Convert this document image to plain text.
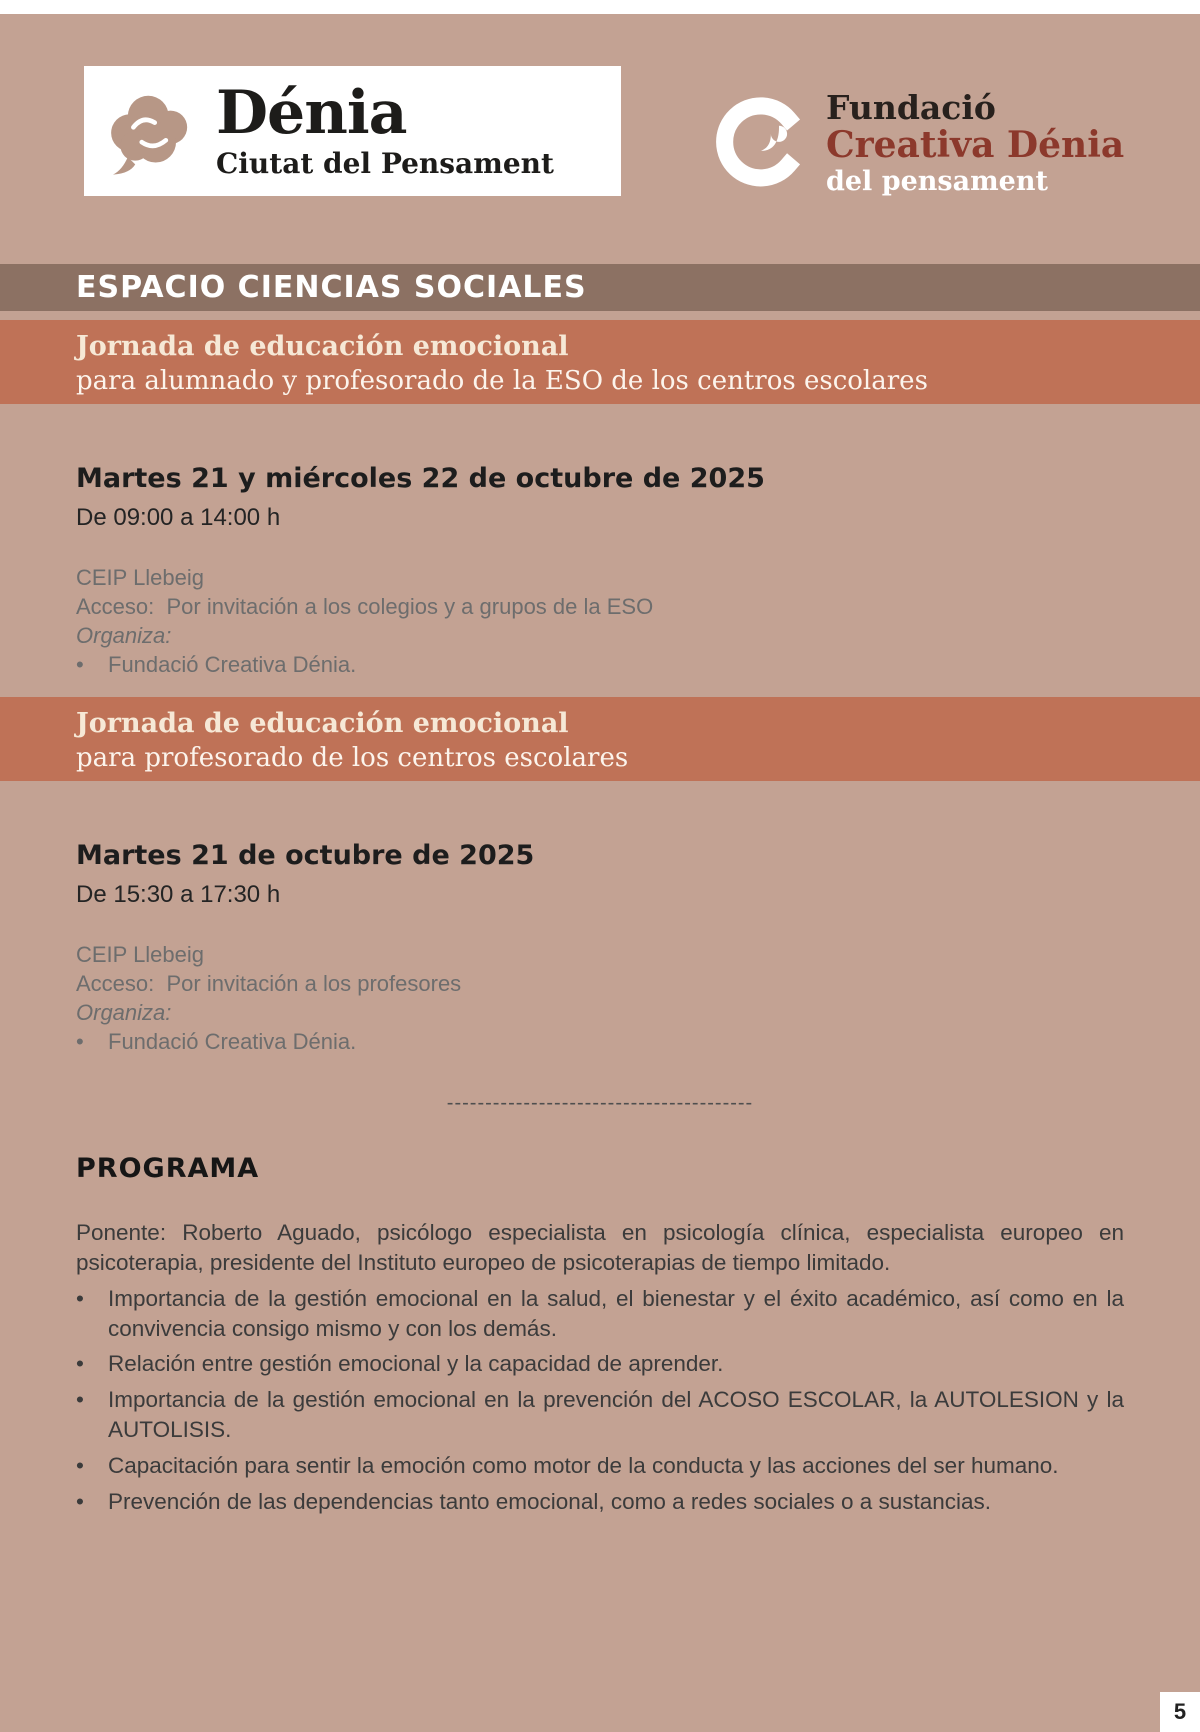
Dénia
Ciutat del Pensament
Fundació
Creativa Dénia
del pensament
ESPACIO CIENCIAS SOCIALES
Jornada de educación emocional
para alumnado y profesorado de la ESO de los centros escolares
Martes 21 y miércoles 22 de octubre de 2025
De 09:00 a 14:00 h
CEIP Llebeig
Acceso:  Por invitación a los colegios y a grupos de la ESO
Organiza:
•	Fundació Creativa Dénia.
Jornada de educación emocional
para profesorado de los centros escolares
Martes 21 de octubre de 2025
De 15:30 a 17:30 h
CEIP Llebeig
Acceso:  Por invitación a los profesores
Organiza:
•	Fundació Creativa Dénia.
----------------------------------------
PROGRAMA

Ponente: Roberto Aguado, psicólogo especialista en psicología clínica, especialista europeo en psicoterapia, presidente del Instituto europeo de psicoterapias de tiempo limitado.

•	Importancia de la gestión emocional en la salud, el bienestar y el éxito académico, así como en la convivencia consigo mismo y con los demás.
•	Relación entre gestión emocional y la capacidad de aprender.
•	Importancia de la gestión emocional en la prevención del ACOSO ESCOLAR, la AUTOLESION y la AUTOLISIS.
•	Capacitación para sentir la emoción como motor de la conducta y las acciones del ser humano.
•	Prevención de las dependencias tanto emocional, como a redes sociales o a sustancias.
5
